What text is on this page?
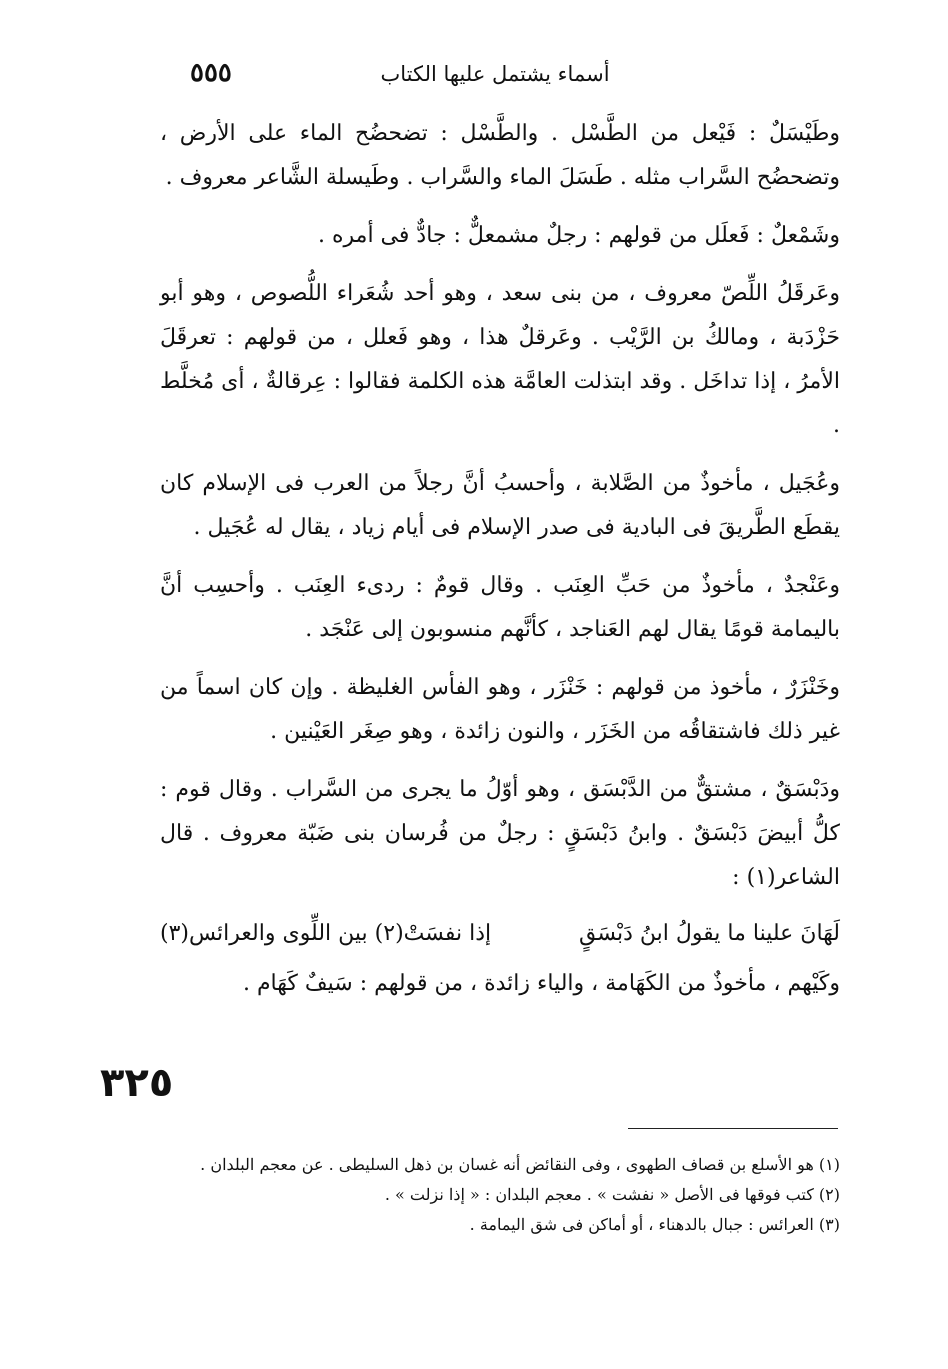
أسماء يشتمل عليها الكتاب
٥٥٥

وطَيْسَلٌ : فَيْعل من الطَّسْل . والطَّسْل : تضحضُح الماء على الأرض ، وتضحضُح السَّراب مثله . طَسَلَ الماء والسَّراب . وطَيسلة الشَّاعر معروف .

وشَمْعلٌ : فَعلَل من قولهم : رجلٌ مشمعلٌّ : جادٌّ فى أمره .

وعَرقَلُ اللِّصّ معروف ، من بنى سعد ، وهو أحد شُعَراء اللُّصوص ، وهو أبو حَزْدَبة ، ومالكُ بن الرَّيْب . وعَرقلٌ هذا ، وهو فَعلل ، من قولهم : تعرقَلَ الأمرُ ، إذا تداخَل . وقد ابتذلت العامَّة هذه الكلمة فقالوا : عِرقالةٌ ، أى مُخلَّط .

وعُجَيل ، مأخوذٌ من الصَّلابة ، وأحسبُ أنَّ رجلاً من العرب فى الإسلام كان يقطَع الطَّريقَ فى البادية فى صدر الإسلام فى أيام زياد ، يقال له عُجَيل .

وعَنْجدٌ ، مأخوذٌ من حَبِّ العِنَب . وقال قومٌ : ردىء العِنَب . وأحسِب أنَّ باليمامة قومًا يقال لهم العَناجد ، كأنَّهم منسوبون إلى عَنْجَد .

وخَنْزَرٌ ، مأخوذ من قولهم : خَنْزَر ، وهو الفأس الغليظة . وإن كان اسماً من غير ذلك فاشتقاقُه من الخَزَر ، والنون زائدة ، وهو صِغَر العَيْنين .

ودَبْسَقٌ ، مشتقٌّ من الدَّبْسَق ، وهو أوّلُ ما يجرى من السَّراب . وقال قوم : كلُّ أبيضَ دَبْسَقٌ . وابنُ دَبْسَقٍ : رجلٌ من فُرسان بنى ضَبّة معروف . قال الشاعر(١) :

لَهَانَ علينا ما يقولُ ابنُ دَبْسَقٍ
إذا نفسَتْ(٢) بين اللِّوى والعرائس(٣)

وكَيْهم ، مأخوذٌ من الكَهَامة ، والياء زائدة ، من قولهم : سَيفٌ كَهَام .

٣٢٥

(١) هو الأسلع بن قصاف الطهوى ، وفى النقائض أنه غسان بن ذهل السليطى . عن معجم البلدان .

(٢) كتب فوقها فى الأصل « نفشت » . معجم البلدان : « إذا نزلت » .

(٣) العرائس : جبال بالدهناء ، أو أماكن فى شق اليمامة .
